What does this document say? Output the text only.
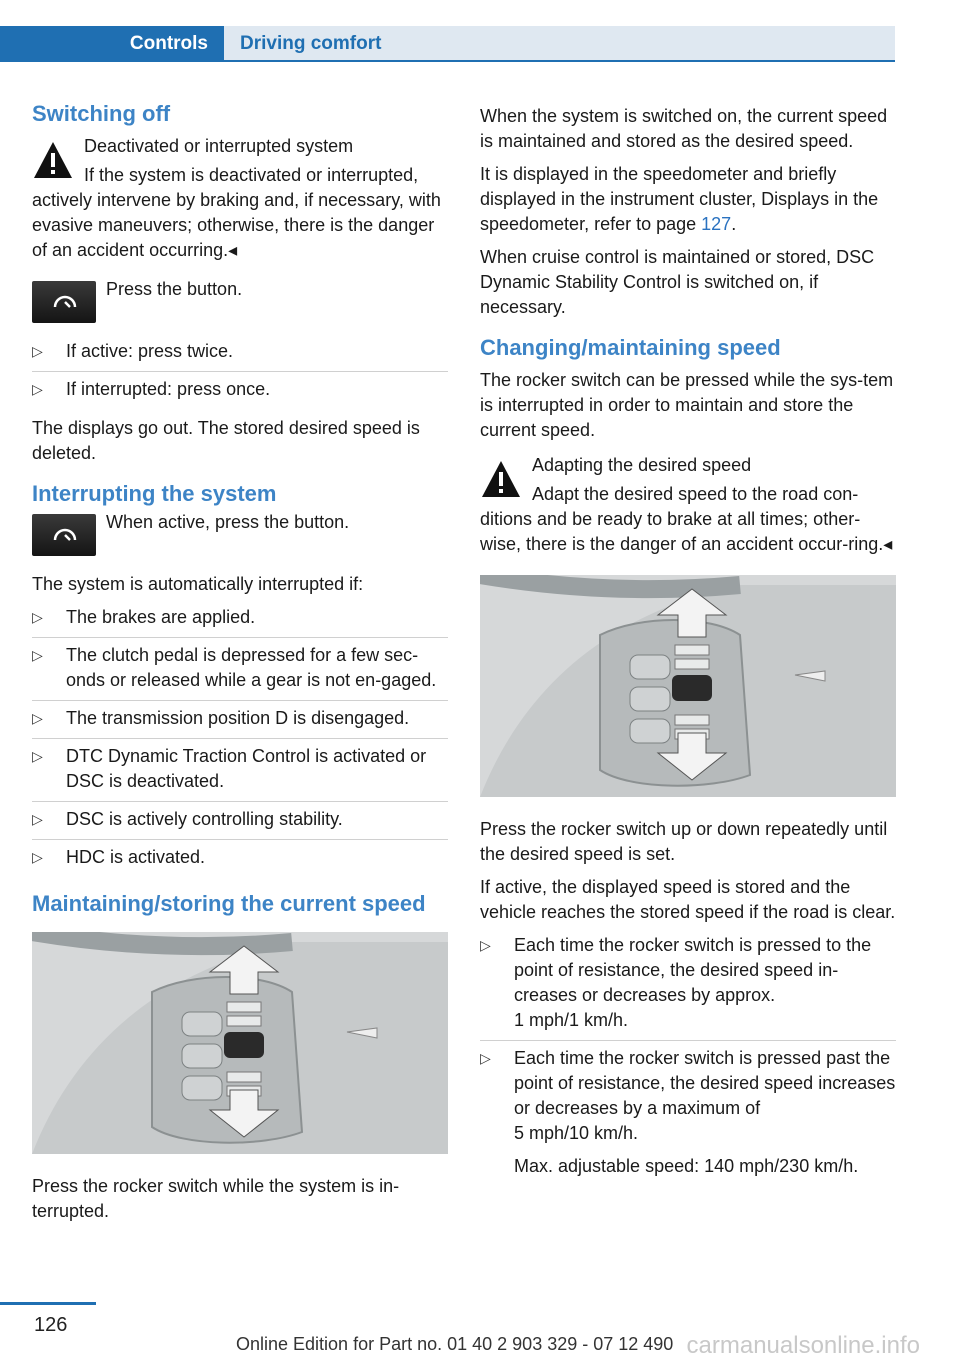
Controls	Driving comfort
Switching off
Deactivated or interrupted system
If the system is deactivated or interrupted, actively intervene by braking and, if necessary, with evasive maneuvers; otherwise, there is the danger of an accident occurring.◂
Press the button.
▷ If active: press twice.
▷ If interrupted: press once.

The displays go out. The stored desired speed is deleted.

Interrupting the system
When active, press the button.

The system is automatically interrupted if:

▷ The brakes are applied.
▷ The clutch pedal is depressed for a few sec‐onds or released while a gear is not en‐gaged.
▷ The transmission position D is disengaged.
▷ DTC Dynamic Traction Control is activated or DSC is deactivated.
▷ DSC is actively controlling stability.
▷ HDC is activated.
Maintaining/storing the current speed

Press the rocker switch while the system is in‐terrupted.

When the system is switched on, the current speed is maintained and stored as the desired speed.

It is displayed in the speedometer and briefly displayed in the instrument cluster, Displays in the speedometer, refer to page 127.

When cruise control is maintained or stored, DSC Dynamic Stability Control is switched on, if necessary.

Changing/maintaining speed

The rocker switch can be pressed while the sys‐tem is interrupted in order to maintain and store the current speed.

Adapting the desired speed
Adapt the desired speed to the road con‐ditions and be ready to brake at all times; other‐wise, there is the danger of an accident occur‐ring.◂

Press the rocker switch up or down repeatedly until the desired speed is set.

If active, the displayed speed is stored and the vehicle reaches the stored speed if the road is clear.

▷ Each time the rocker switch is pressed to the point of resistance, the desired speed in‐creases or decreases by approx.
1 mph/1 km/h.
▷ Each time the rocker switch is pressed past the point of resistance, the desired speed increases or decreases by a maximum of
5 mph/10 km/h.
Max. adjustable speed: 140 mph/230 km/h.
126
Online Edition for Part no. 01 40 2 903 329 - 07 12 490 carmanualsonline.info
